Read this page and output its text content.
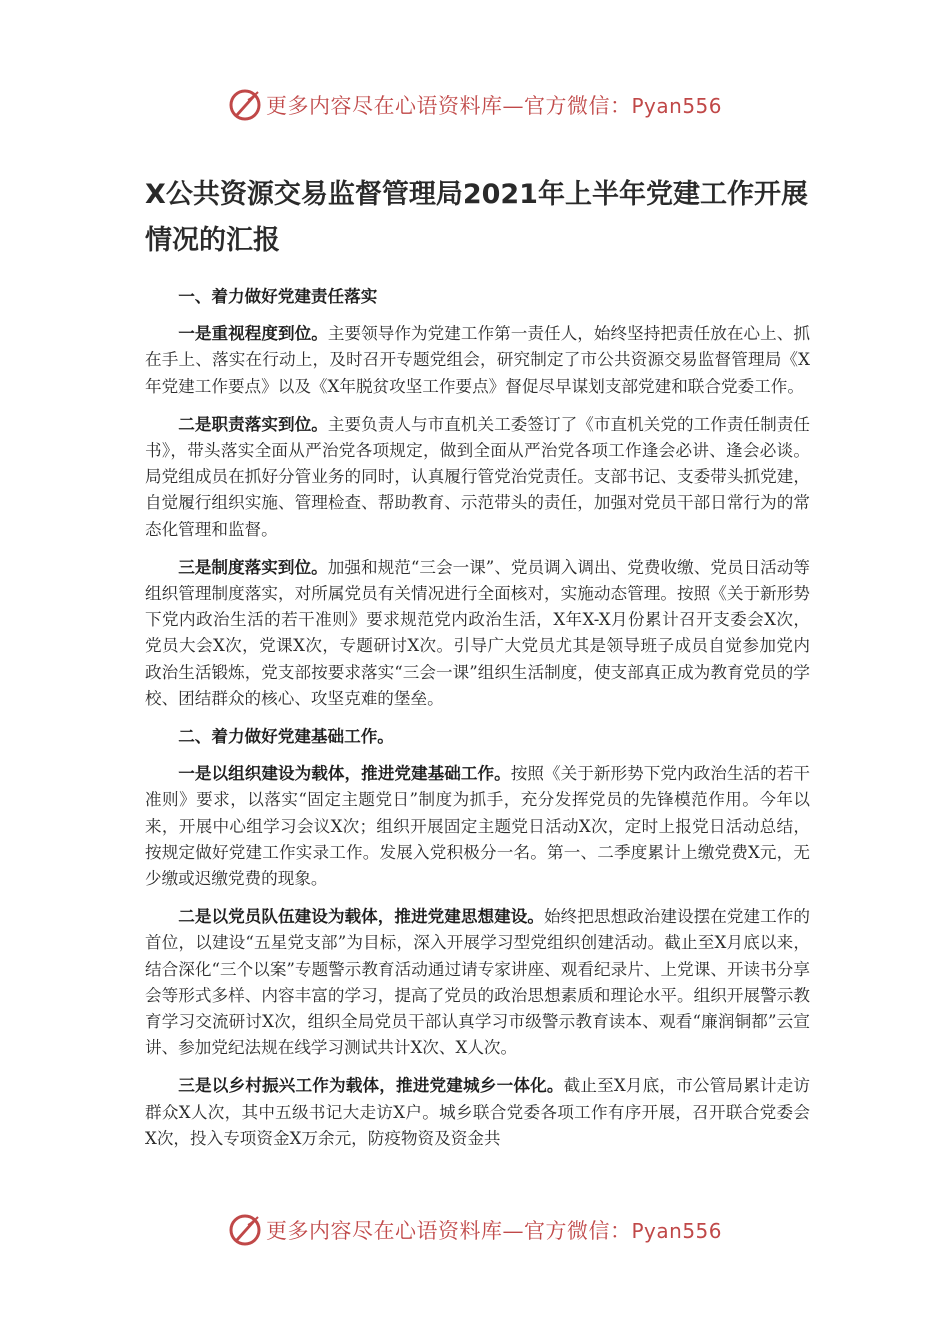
更多内容尽在心语资料库—官方微信：Pyan556
X公共资源交易监督管理局2021年上半年党建工作开展情况的汇报

一、着力做好党建责任落实

一是重视程度到位。主要领导作为党建工作第一责任人，始终坚持把责任放在心上、抓在手上、落实在行动上，及时召开专题党组会，研究制定了市公共资源交易监督管理局《X年党建工作要点》以及《X年脱贫攻坚工作要点》督促尽早谋划支部党建和联合党委工作。

二是职责落实到位。主要负责人与市直机关工委签订了《市直机关党的工作责任制责任书》，带头落实全面从严治党各项规定，做到全面从严治党各项工作逢会必讲、逢会必谈。局党组成员在抓好分管业务的同时，认真履行管党治党责任。支部书记、支委带头抓党建，自觉履行组织实施、管理检查、帮助教育、示范带头的责任，加强对党员干部日常行为的常态化管理和监督。

三是制度落实到位。加强和规范“三会一课”、党员调入调出、党费收缴、党员日活动等组织管理制度落实，对所属党员有关情况进行全面核对，实施动态管理。按照《关于新形势下党内政治生活的若干准则》要求规范党内政治生活，X年X-X月份累计召开支委会X次，党员大会X次，党课X次，专题研讨X次。引导广大党员尤其是领导班子成员自觉参加党内政治生活锻炼，党支部按要求落实“三会一课”组织生活制度，使支部真正成为教育党员的学校、团结群众的核心、攻坚克难的堡垒。

二、着力做好党建基础工作。

一是以组织建设为载体，推进党建基础工作。按照《关于新形势下党内政治生活的若干准则》要求，以落实“固定主题党日”制度为抓手，充分发挥党员的先锋模范作用。今年以来，开展中心组学习会议X次；组织开展固定主题党日活动X次，定时上报党日活动总结，按规定做好党建工作实录工作。发展入党积极分一名。第一、二季度累计上缴党费X元，无少缴或迟缴党费的现象。

二是以党员队伍建设为载体，推进党建思想建设。始终把思想政治建设摆在党建工作的首位，以建设“五星党支部”为目标，深入开展学习型党组织创建活动。截止至X月底以来，结合深化“三个以案”专题警示教育活动通过请专家讲座、观看纪录片、上党课、开读书分享会等形式多样、内容丰富的学习，提高了党员的政治思想素质和理论水平。组织开展警示教育学习交流研讨X次，组织全局党员干部认真学习市级警示教育读本、观看“廉润铜都”云宣讲、参加党纪法规在线学习测试共计X次、X人次。

三是以乡村振兴工作为载体，推进党建城乡一体化。截止至X月底，市公管局累计走访群众X人次，其中五级书记大走访X户。城乡联合党委各项工作有序开展，召开联合党委会X次，投入专项资金X万余元，防疫物资及资金共

更多内容尽在心语资料库—官方微信：Pyan556
